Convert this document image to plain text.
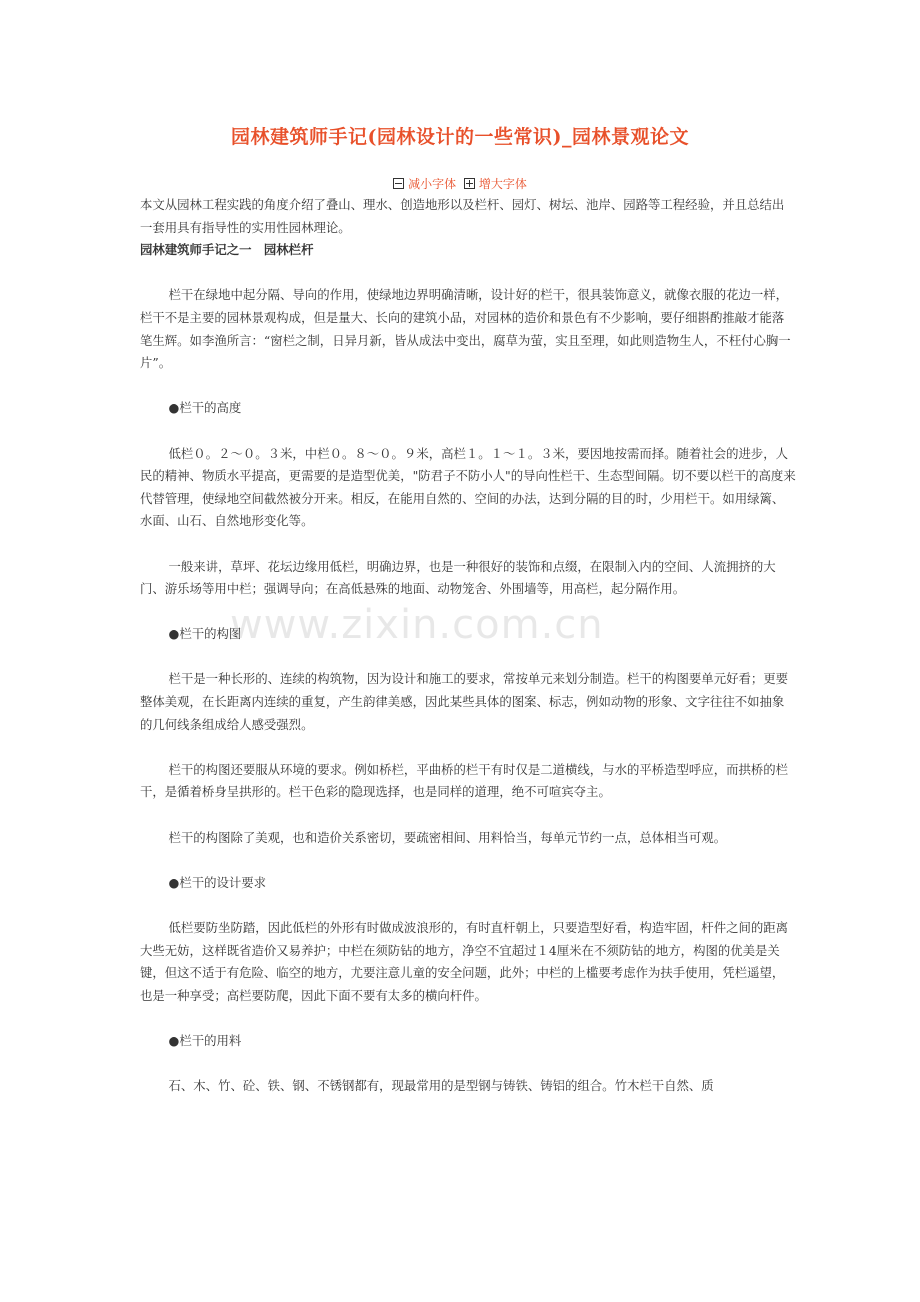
园林建筑师手记(园林设计的一些常识)_园林景观论文
减小字体
增大字体

本文从园林工程实践的角度介绍了叠山、理水、创造地形以及栏杆、园灯、树坛、池岸、园路等工程经验，并且总结出一套用具有指导性的实用性园林理论。

园林建筑师手记之一　园林栏杆

栏干在绿地中起分隔、导向的作用，使绿地边界明确清晰，设计好的栏干，很具装饰意义，就像衣服的花边一样，栏干不是主要的园林景观构成，但是量大、长向的建筑小品，对园林的造价和景色有不少影响，要仔细斟酌推敲才能落笔生辉。如李渔所言：“窗栏之制，日异月新，皆从成法中变出，腐草为萤，实且至理，如此则造物生人，不枉付心胸一片”。

●栏干的高度

低栏０。２～０。３米，中栏０。８～０。９米，高栏１。１～１。３米，要因地按需而择。随着社会的进步，人民的精神、物质水平提高，更需要的是造型优美，"防君子不防小人"的导向性栏干、生态型间隔。切不要以栏干的高度来代替管理，使绿地空间截然被分开来。相反，在能用自然的、空间的办法，达到分隔的目的时，少用栏干。如用绿篱、水面、山石、自然地形变化等。

一般来讲，草坪、花坛边缘用低栏，明确边界，也是一种很好的装饰和点缀，在限制入内的空间、人流拥挤的大门、游乐场等用中栏；强调导向；在高低悬殊的地面、动物笼舍、外围墙等，用高栏，起分隔作用。

●栏干的构图

栏干是一种长形的、连续的构筑物，因为设计和施工的要求，常按单元来划分制造。栏干的构图要单元好看；更要整体美观，在长距离内连续的重复，产生韵律美感，因此某些具体的图案、标志，例如动物的形象、文字往往不如抽象的几何线条组成给人感受强烈。

栏干的构图还要服从环境的要求。例如桥栏，平曲桥的栏干有时仅是二道横线，与水的平桥造型呼应，而拱桥的栏干，是循着桥身呈拱形的。栏干色彩的隐现选择，也是同样的道理，绝不可喧宾夺主。

栏干的构图除了美观，也和造价关系密切，要疏密相间、用料恰当，每单元节约一点，总体相当可观。

●栏干的设计要求

低栏要防坐防踏，因此低栏的外形有时做成波浪形的，有时直杆朝上，只要造型好看，构造牢固，杆件之间的距离大些无妨，这样既省造价又易养护；中栏在须防钻的地方，净空不宜超过１4厘米在不须防钻的地方，构图的优美是关键，但这不适于有危险、临空的地方，尤要注意儿童的安全问题，此外；中栏的上槛要考虑作为扶手使用，凭栏遥望，也是一种享受；高栏要防爬，因此下面不要有太多的横向杆件。

●栏干的用料

石、木、竹、砼、铁、钢、不锈钢都有，现最常用的是型钢与铸铁、铸铝的组合。竹木栏干自然、质

www.zixin.com.cn
